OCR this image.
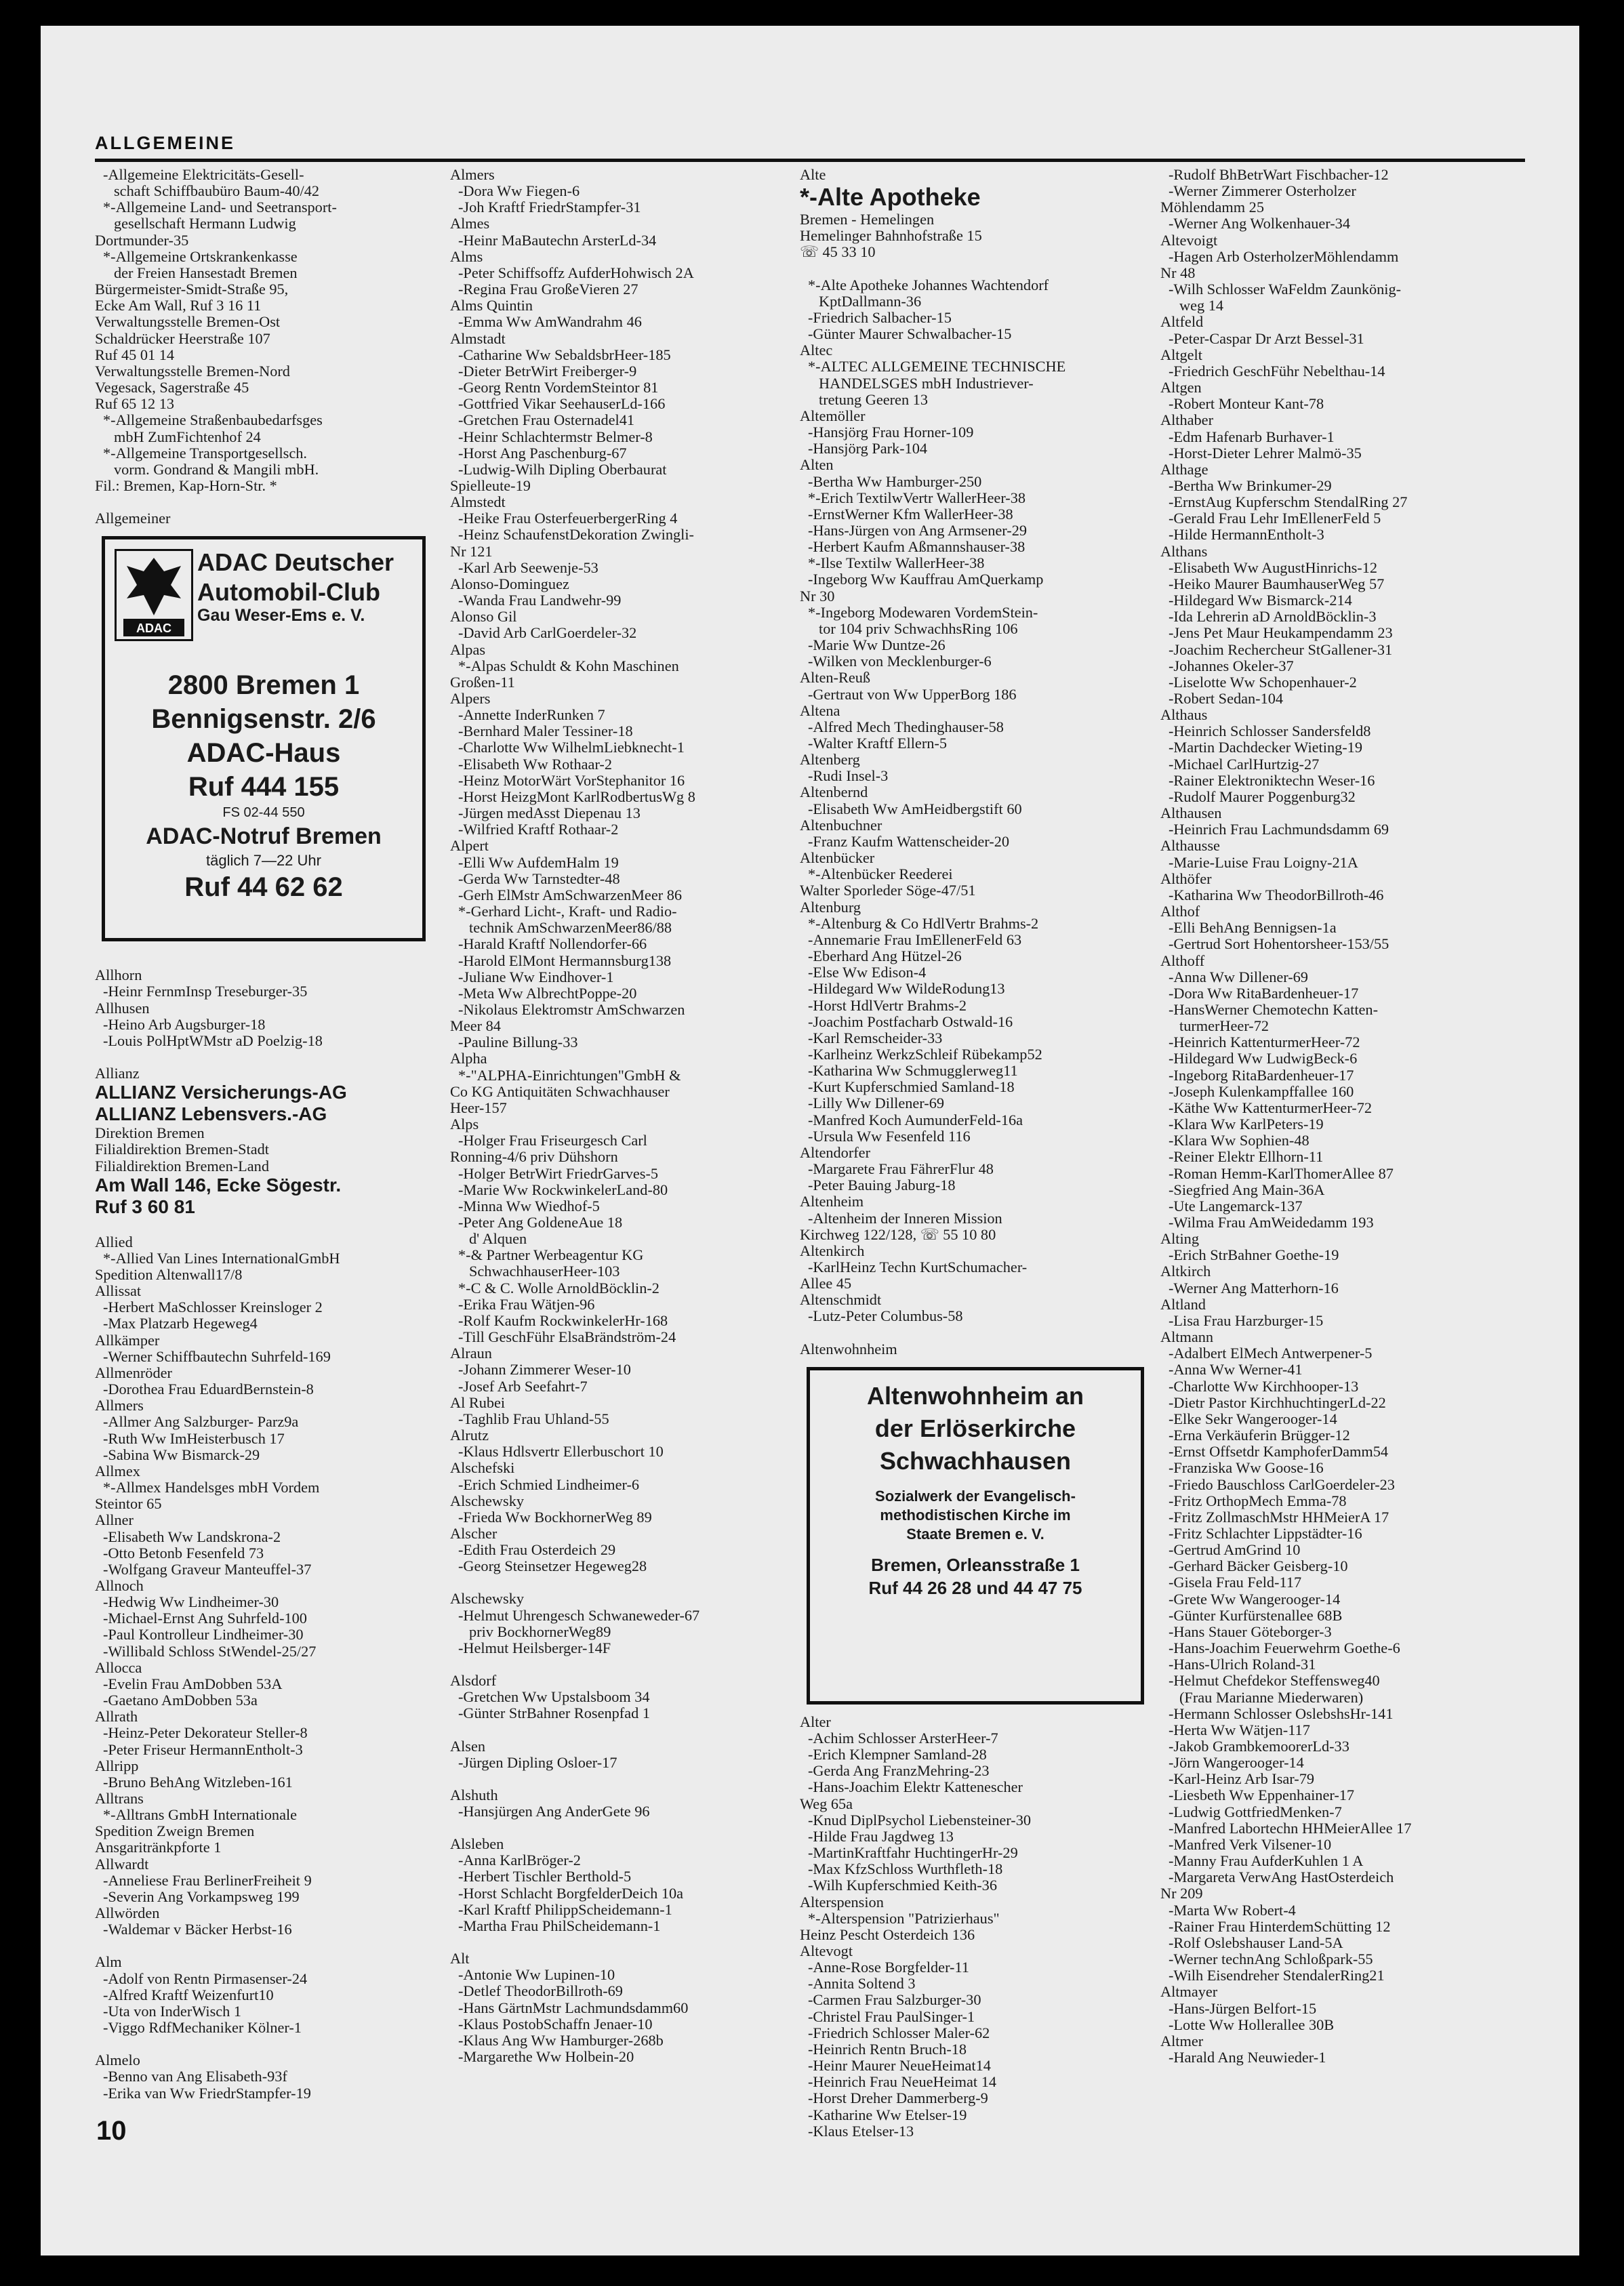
ALLGEMEINE
-Allgemeine Elektricitäts-Gesell-
schaft Schiffbaubüro Baum-40/42
*-Allgemeine Land- und Seetransport-
gesellschaft Hermann Ludwig
Dortmunder-35
*-Allgemeine Ortskrankenkasse
der Freien Hansestadt Bremen
Bürgermeister-Smidt-Straße 95,
Ecke Am Wall, Ruf 3 16 11
Verwaltungsstelle Bremen-Ost
Schaldrücker Heerstraße 107
Ruf 45 01 14
Verwaltungsstelle Bremen-Nord
Vegesack, Sagerstraße 45
Ruf 65 12 13
*-Allgemeine Straßenbaubedarfsges
mbH ZumFichtenhof 24
*-Allgemeine Transportgesellsch.
vorm. Gondrand & Mangili mbH.
Fil.: Bremen, Kap-Horn-Str. *
Allgemeiner
ADAC
ADAC Deutscher
Automobil-Club
Gau Weser-Ems e. V.
2800 Bremen 1
Bennigsenstr. 2/6
ADAC-Haus
Ruf 444 155
FS 02-44 550
ADAC-Notruf Bremen
täglich 7—22 Uhr
Ruf 44 62 62
Allhorn
-Heinr FernmInsp Treseburger-35
Allhusen
-Heino Arb Augsburger-18
-Louis PolHptWMstr aD Poelzig-18
Allianz
ALLIANZ Versicherungs-AG
ALLIANZ Lebensvers.-AG
Direktion Bremen
Filialdirektion Bremen-Stadt
Filialdirektion Bremen-Land
Am Wall 146, Ecke Sögestr.
Ruf 3 60 81
Allied
*-Allied Van Lines InternationalGmbH
Spedition Altenwall17/8
Allissat
-Herbert MaSchlosser Kreinsloger 2
-Max Platzarb Hegeweg4
Allkämper
-Werner Schiffbautechn Suhrfeld-169
Allmenröder
-Dorothea Frau EduardBernstein-8
Allmers
-Allmer Ang Salzburger- Parz9a
-Ruth Ww ImHeisterbusch 17
-Sabina Ww Bismarck-29
Allmex
*-Allmex Handelsges mbH Vordem
Steintor 65
Allner
-Elisabeth Ww Landskrona-2
-Otto Betonb Fesenfeld 73
-Wolfgang Graveur Manteuffel-37
Allnoch
-Hedwig Ww Lindheimer-30
-Michael-Ernst Ang Suhrfeld-100
-Paul Kontrolleur Lindheimer-30
-Willibald Schloss StWendel-25/27
Allocca
-Evelin Frau AmDobben 53A
-Gaetano AmDobben 53a
Allrath
-Heinz-Peter Dekorateur Steller-8
-Peter Friseur HermannEntholt-3
Allripp
-Bruno BehAng Witzleben-161
Alltrans
*-Alltrans GmbH Internationale
Spedition Zweign Bremen
Ansgaritränkpforte 1
Allwardt
-Anneliese Frau BerlinerFreiheit 9
-Severin Ang Vorkampsweg 199
Allwörden
-Waldemar v Bäcker Herbst-16
Alm
-Adolf von Rentn Pirmasenser-24
-Alfred Kraftf Weizenfurt10
-Uta von InderWisch 1
-Viggo RdfMechaniker Kölner-1
Almelo
-Benno van Ang Elisabeth-93f
-Erika van Ww FriedrStampfer-19
Almers
-Dora Ww Fiegen-6
-Joh Kraftf FriedrStampfer-31
Almes
-Heinr MaBautechn ArsterLd-34
Alms
-Peter Schiffsoffz AufderHohwisch 2A
-Regina Frau GroßeVieren 27
Alms Quintin
-Emma Ww AmWandrahm 46
Almstadt
-Catharine Ww SebaldsbrHeer-185
-Dieter BetrWirt Freiberger-9
-Georg Rentn VordemSteintor 81
-Gottfried Vikar SeehauserLd-166
-Gretchen Frau Osternadel41
-Heinr Schlachtermstr Belmer-8
-Horst Ang Paschenburg-67
-Ludwig-Wilh Dipling Oberbaurat
Spielleute-19
Almstedt
-Heike Frau OsterfeuerbergerRing 4
-Heinz SchaufenstDekoration Zwingli-
Nr 121
-Karl Arb Seewenje-53
Alonso-Dominguez
-Wanda Frau Landwehr-99
Alonso Gil
-David Arb CarlGoerdeler-32
Alpas
*-Alpas Schuldt & Kohn Maschinen
Großen-11
Alpers
-Annette InderRunken 7
-Bernhard Maler Tessiner-18
-Charlotte Ww WilhelmLiebknecht-1
-Elisabeth Ww Rothaar-2
-Heinz MotorWärt VorStephanitor 16
-Horst HeizgMont KarlRodbertusWg 8
-Jürgen medAsst Diepenau 13
-Wilfried Kraftf Rothaar-2
Alpert
-Elli Ww AufdemHalm 19
-Gerda Ww Tarnstedter-48
-Gerh ElMstr AmSchwarzenMeer 86
*-Gerhard Licht-, Kraft- und Radio-
technik AmSchwarzenMeer86/88
-Harald Kraftf Nollendorfer-66
-Harold ElMont Hermannsburg138
-Juliane Ww Eindhover-1
-Meta Ww AlbrechtPoppe-20
-Nikolaus Elektromstr AmSchwarzen
Meer 84
-Pauline Billung-33
Alpha
*-"ALPHA-Einrichtungen"GmbH &
Co KG Antiquitäten Schwachhauser
Heer-157
Alps
-Holger Frau Friseurgesch Carl
Ronning-4/6 priv Dühshorn
-Holger BetrWirt FriedrGarves-5
-Marie Ww RockwinkelerLand-80
-Minna Ww Wiedhof-5
-Peter Ang GoldeneAue 18
d' Alquen
*-& Partner Werbeagentur KG
SchwachhauserHeer-103
*-C & C. Wolle ArnoldBöcklin-2
-Erika Frau Wätjen-96
-Rolf Kaufm RockwinkelerHr-168
-Till GeschFühr ElsaBrändström-24
Alraun
-Johann Zimmerer Weser-10
-Josef Arb Seefahrt-7
Al Rubei
-Taghlib Frau Uhland-55
Alrutz
-Klaus Hdlsvertr Ellerbuschort 10
Alschefski
-Erich Schmied Lindheimer-6
Alschewsky
-Frieda Ww BockhornerWeg 89
Alscher
-Edith Frau Osterdeich 29
-Georg Steinsetzer Hegeweg28
Alschewsky
-Helmut Uhrengesch Schwaneweder-67
priv BockhornerWeg89
-Helmut Heilsberger-14F
Alsdorf
-Gretchen Ww Upstalsboom 34
-Günter StrBahner Rosenpfad 1
Alsen
-Jürgen Dipling Osloer-17
Alshuth
-Hansjürgen Ang AnderGete 96
Alsleben
-Anna KarlBröger-2
-Herbert Tischler Berthold-5
-Horst Schlacht BorgfelderDeich 10a
-Karl Kraftf PhilippScheidemann-1
-Martha Frau PhilScheidemann-1
Alt
-Antonie Ww Lupinen-10
-Detlef TheodorBillroth-69
-Hans GärtnMstr Lachmundsdamm60
-Klaus PostobSchaffn Jenaer-10
-Klaus Ang Ww Hamburger-268b
-Margarethe Ww Holbein-20
Alte
*-Alte Apotheke
Bremen - Hemelingen
Hemelinger Bahnhofstraße 15
☏ 45 33 10
*-Alte Apotheke Johannes Wachtendorf
KptDallmann-36
-Friedrich Salbacher-15
-Günter Maurer Schwalbacher-15
Altec
*-ALTEC ALLGEMEINE TECHNISCHE
HANDELSGES mbH Industriever-
tretung Geeren 13
Altemöller
-Hansjörg Frau Horner-109
-Hansjörg Park-104
Alten
-Bertha Ww Hamburger-250
*-Erich TextilwVertr WallerHeer-38
-ErnstWerner Kfm WallerHeer-38
-Hans-Jürgen von Ang Armsener-29
-Herbert Kaufm Aßmannshauser-38
*-Ilse Textilw WallerHeer-38
-Ingeborg Ww Kauffrau AmQuerkamp
Nr 30
*-Ingeborg Modewaren VordemStein-
tor 104 priv SchwachhsRing 106
-Marie Ww Duntze-26
-Wilken von Mecklenburger-6
Alten-Reuß
-Gertraut von Ww UpperBorg 186
Altena
-Alfred Mech Thedinghauser-58
-Walter Kraftf Ellern-5
Altenberg
-Rudi Insel-3
Altenbernd
-Elisabeth Ww AmHeidbergstift 60
Altenbuchner
-Franz Kaufm Wattenscheider-20
Altenbücker
*-Altenbücker Reederei
Walter Sporleder Söge-47/51
Altenburg
*-Altenburg & Co HdlVertr Brahms-2
-Annemarie Frau ImEllenerFeld 63
-Eberhard Ang Hützel-26
-Else Ww Edison-4
-Hildegard Ww WildeRodung13
-Horst HdlVertr Brahms-2
-Joachim Postfacharb Ostwald-16
-Karl Remscheider-33
-Karlheinz WerkzSchleif Rübekamp52
-Katharina Ww Schmugglerweg11
-Kurt Kupferschmied Samland-18
-Lilly Ww Dillener-69
-Manfred Koch AumunderFeld-16a
-Ursula Ww Fesenfeld 116
Altendorfer
-Margarete Frau FährerFlur 48
-Peter Bauing Jaburg-18
Altenheim
-Altenheim der Inneren Mission
Kirchweg 122/128, ☏ 55 10 80
Altenkirch
-KarlHeinz Techn KurtSchumacher-
Allee 45
Altenschmidt
-Lutz-Peter Columbus-58
Altenwohnheim
Altenwohnheim an
der Erlöserkirche
Schwachhausen
Sozialwerk der Evangelisch-
methodistischen Kirche im
Staate Bremen e. V.
Bremen, Orleansstraße 1
Ruf 44 26 28 und 44 47 75
Alter
-Achim Schlosser ArsterHeer-7
-Erich Klempner Samland-28
-Gerda Ang FranzMehring-23
-Hans-Joachim Elektr Kattenescher
Weg 65a
-Knud DiplPsychol Liebensteiner-30
-Hilde Frau Jagdweg 13
-MartinKraftfahr HuchtingerHr-29
-Max KfzSchloss Wurthfleth-18
-Wilh Kupferschmied Keith-36
Alterspension
*-Alterspension "Patrizierhaus"
Heinz Pescht Osterdeich 136
Altevogt
-Anne-Rose Borgfelder-11
-Annita Soltend 3
-Carmen Frau Salzburger-30
-Christel Frau PaulSinger-1
-Friedrich Schlosser Maler-62
-Heinrich Rentn Bruch-18
-Heinr Maurer NeueHeimat14
-Heinrich Frau NeueHeimat 14
-Horst Dreher Dammerberg-9
-Katharine Ww Etelser-19
-Klaus Etelser-13
-Rudolf BhBetrWart Fischbacher-12
-Werner Zimmerer Osterholzer
Möhlendamm 25
-Werner Ang Wolkenhauer-34
Altevoigt
-Hagen Arb OsterholzerMöhlendamm
Nr 48
-Wilh Schlosser WaFeldm Zaunkönig-
weg 14
Altfeld
-Peter-Caspar Dr Arzt Bessel-31
Altgelt
-Friedrich GeschFühr Nebelthau-14
Altgen
-Robert Monteur Kant-78
Althaber
-Edm Hafenarb Burhaver-1
-Horst-Dieter Lehrer Malmö-35
Althage
-Bertha Ww Brinkumer-29
-ErnstAug Kupferschm StendalRing 27
-Gerald Frau Lehr ImEllenerFeld 5
-Hilde HermannEntholt-3
Althans
-Elisabeth Ww AugustHinrichs-12
-Heiko Maurer BaumhauserWeg 57
-Hildegard Ww Bismarck-214
-Ida Lehrerin aD ArnoldBöcklin-3
-Jens Pet Maur Heukampendamm 23
-Joachim Rechercheur StGallener-31
-Johannes Okeler-37
-Liselotte Ww Schopenhauer-2
-Robert Sedan-104
Althaus
-Heinrich Schlosser Sandersfeld8
-Martin Dachdecker Wieting-19
-Michael CarlHurtzig-27
-Rainer Elektroniktechn Weser-16
-Rudolf Maurer Poggenburg32
Althausen
-Heinrich Frau Lachmundsdamm 69
Althausse
-Marie-Luise Frau Loigny-21A
Althöfer
-Katharina Ww TheodorBillroth-46
Althof
-Elli BehAng Bennigsen-1a
-Gertrud Sort Hohentorsheer-153/55
Althoff
-Anna Ww Dillener-69
-Dora Ww RitaBardenheuer-17
-HansWerner Chemotechn Katten-
turmerHeer-72
-Heinrich KattenturmerHeer-72
-Hildegard Ww LudwigBeck-6
-Ingeborg RitaBardenheuer-17
-Joseph Kulenkampffallee 160
-Käthe Ww KattenturmerHeer-72
-Klara Ww KarlPeters-19
-Klara Ww Sophien-48
-Reiner Elektr Ellhorn-11
-Roman Hemm-KarlThomerAllee 87
-Siegfried Ang Main-36A
-Ute Langemarck-137
-Wilma Frau AmWeidedamm 193
Alting
-Erich StrBahner Goethe-19
Altkirch
-Werner Ang Matterhorn-16
Altland
-Lisa Frau Harzburger-15
Altmann
-Adalbert ElMech Antwerpener-5
-Anna Ww Werner-41
-Charlotte Ww Kirchhooper-13
-Dietr Pastor KirchhuchtingerLd-22
-Elke Sekr Wangerooger-14
-Erna Verkäuferin Brügger-12
-Ernst Offsetdr KamphoferDamm54
-Franziska Ww Goose-16
-Friedo Bauschloss CarlGoerdeler-23
-Fritz OrthopMech Emma-78
-Fritz ZollmaschMstr HHMeierA 17
-Fritz Schlachter Lippstädter-16
-Gertrud AmGrind 10
-Gerhard Bäcker Geisberg-10
-Gisela Frau Feld-117
-Grete Ww Wangerooger-14
-Günter Kurfürstenallee 68B
-Hans Stauer Göteborger-3
-Hans-Joachim Feuerwehrm Goethe-6
-Hans-Ulrich Roland-31
-Helmut Chefdekor Steffensweg40
(Frau Marianne Miederwaren)
-Hermann Schlosser OslebshsHr-141
-Herta Ww Wätjen-117
-Jakob GrambkemoorerLd-33
-Jörn Wangerooger-14
-Karl-Heinz Arb Isar-79
-Liesbeth Ww Eppenhainer-17
-Ludwig GottfriedMenken-7
-Manfred Labortechn HHMeierAllee 17
-Manfred Verk Vilsener-10
-Manny Frau AufderKuhlen 1 A
-Margareta VerwAng HastOsterdeich
Nr 209
-Marta Ww Robert-4
-Rainer Frau HinterdemSchütting 12
-Rolf Oslebshauser Land-5A
-Werner technAng Schloßpark-55
-Wilh Eisendreher StendalerRing21
Altmayer
-Hans-Jürgen Belfort-15
-Lotte Ww Hollerallee 30B
Altmer
-Harald Ang Neuwieder-1
10
